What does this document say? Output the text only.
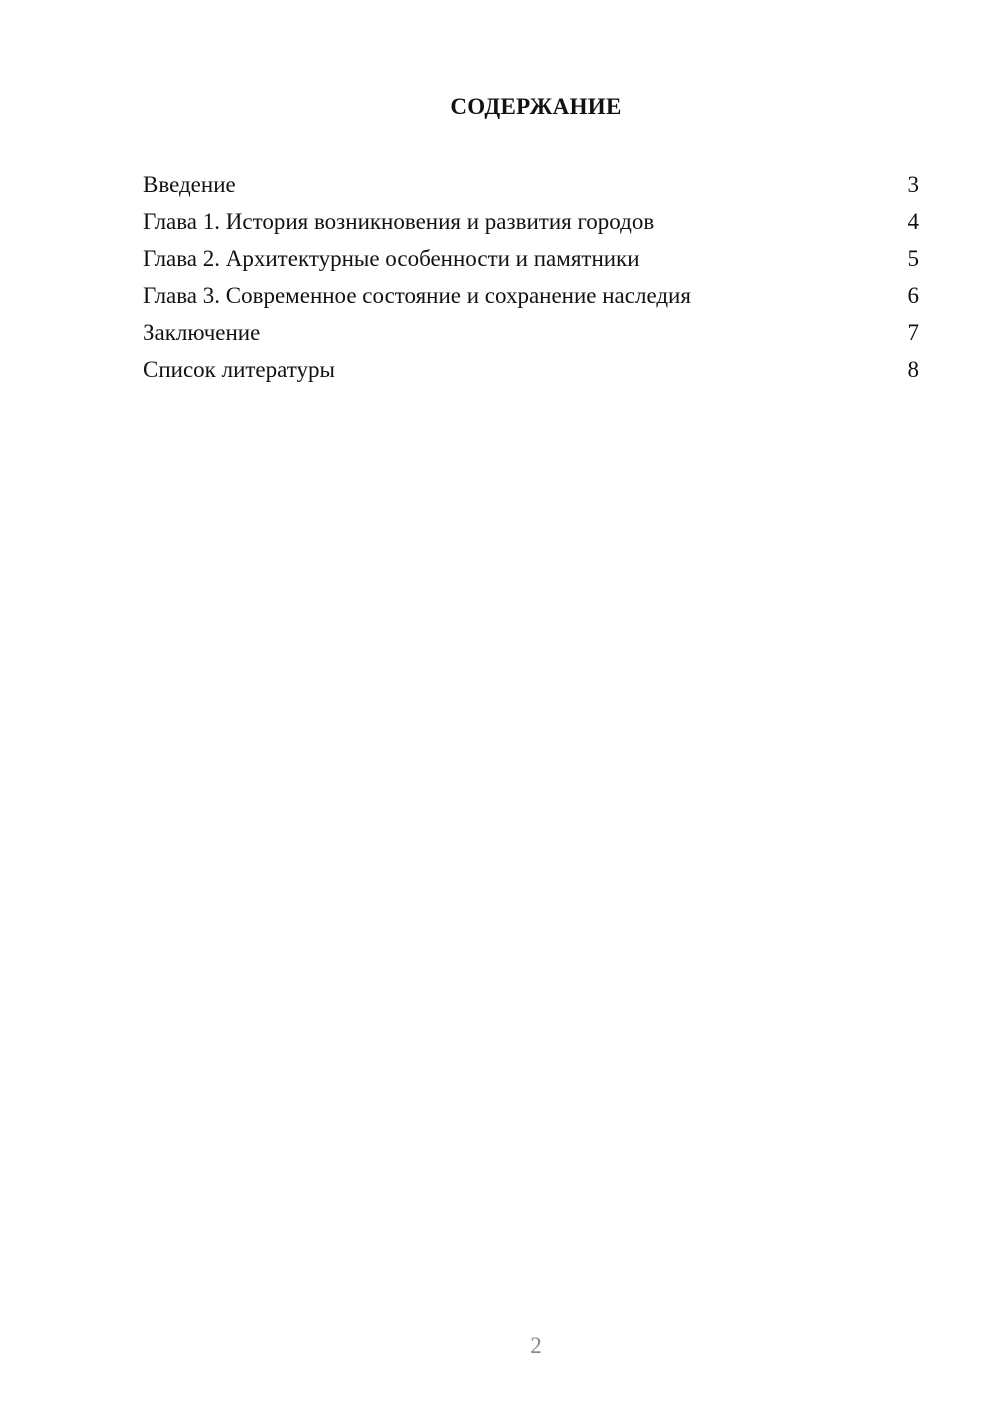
СОДЕРЖАНИЕ
Введение	3
Глава 1. История возникновения и развития городов	4
Глава 2. Архитектурные особенности и памятники	5
Глава 3. Современное состояние и сохранение наследия	6
Заключение	7
Список литературы	8
2
